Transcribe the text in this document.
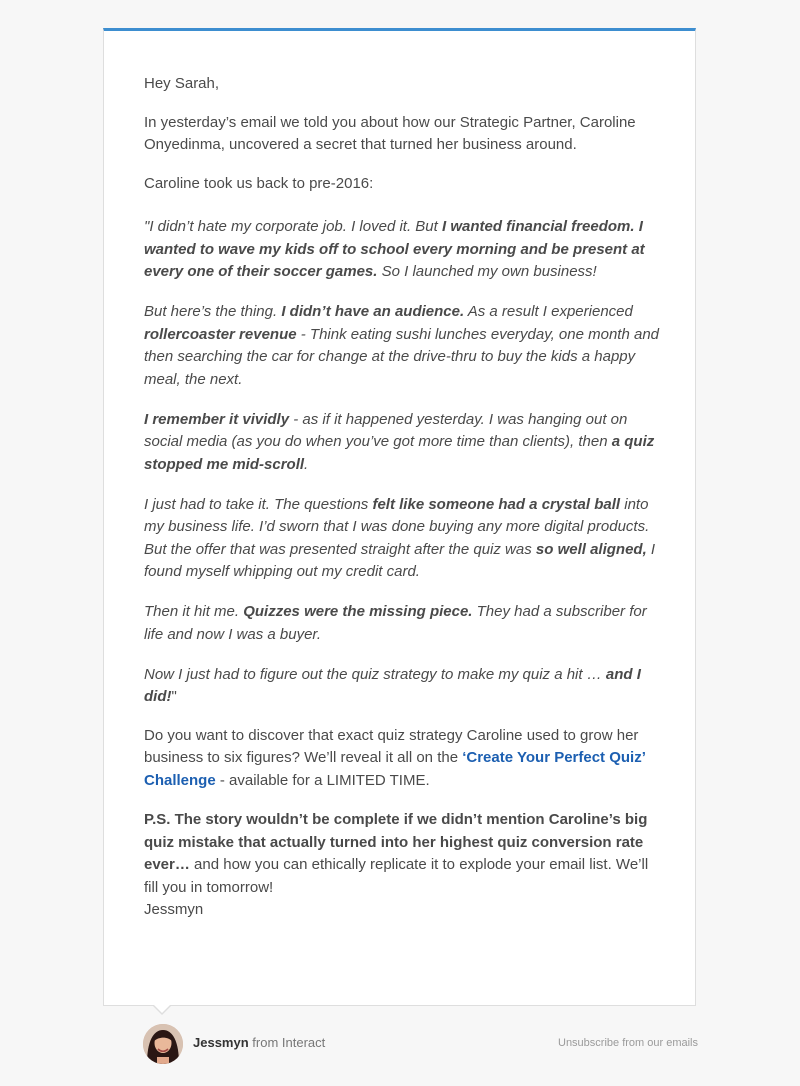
Hey Sarah,

In yesterday’s email we told you about how our Strategic Partner, Caroline Onyedinma, uncovered a secret that turned her business around.

Caroline took us back to pre-2016:

"I didn’t hate my corporate job. I loved it. But I wanted financial freedom. I wanted to wave my kids off to school every morning and be present at every one of their soccer games. So I launched my own business!

But here’s the thing. I didn’t have an audience. As a result I experienced rollercoaster revenue - Think eating sushi lunches everyday, one month and then searching the car for change at the drive-thru to buy the kids a happy meal, the next.

I remember it vividly - as if it happened yesterday. I was hanging out on social media (as you do when you’ve got more time than clients), then a quiz stopped me mid-scroll.

I just had to take it. The questions felt like someone had a crystal ball into my business life. I’d sworn that I was done buying any more digital products. But the offer that was presented straight after the quiz was so well aligned, I found myself whipping out my credit card.

Then it hit me. Quizzes were the missing piece. They had a subscriber for life and now I was a buyer.

Now I just had to figure out the quiz strategy to make my quiz a hit … and I did!"

Do you want to discover that exact quiz strategy Caroline used to grow her business to six figures? We’ll reveal it all on the ‘Create Your Perfect Quiz’ Challenge - available for a LIMITED TIME.

P.S. The story wouldn’t be complete if we didn’t mention Caroline’s big quiz mistake that actually turned into her highest quiz conversion rate ever… and how you can ethically replicate it to explode your email list. We’ll fill you in tomorrow!

Jessmyn

Jessmyn from Interact	Unsubscribe from our emails
